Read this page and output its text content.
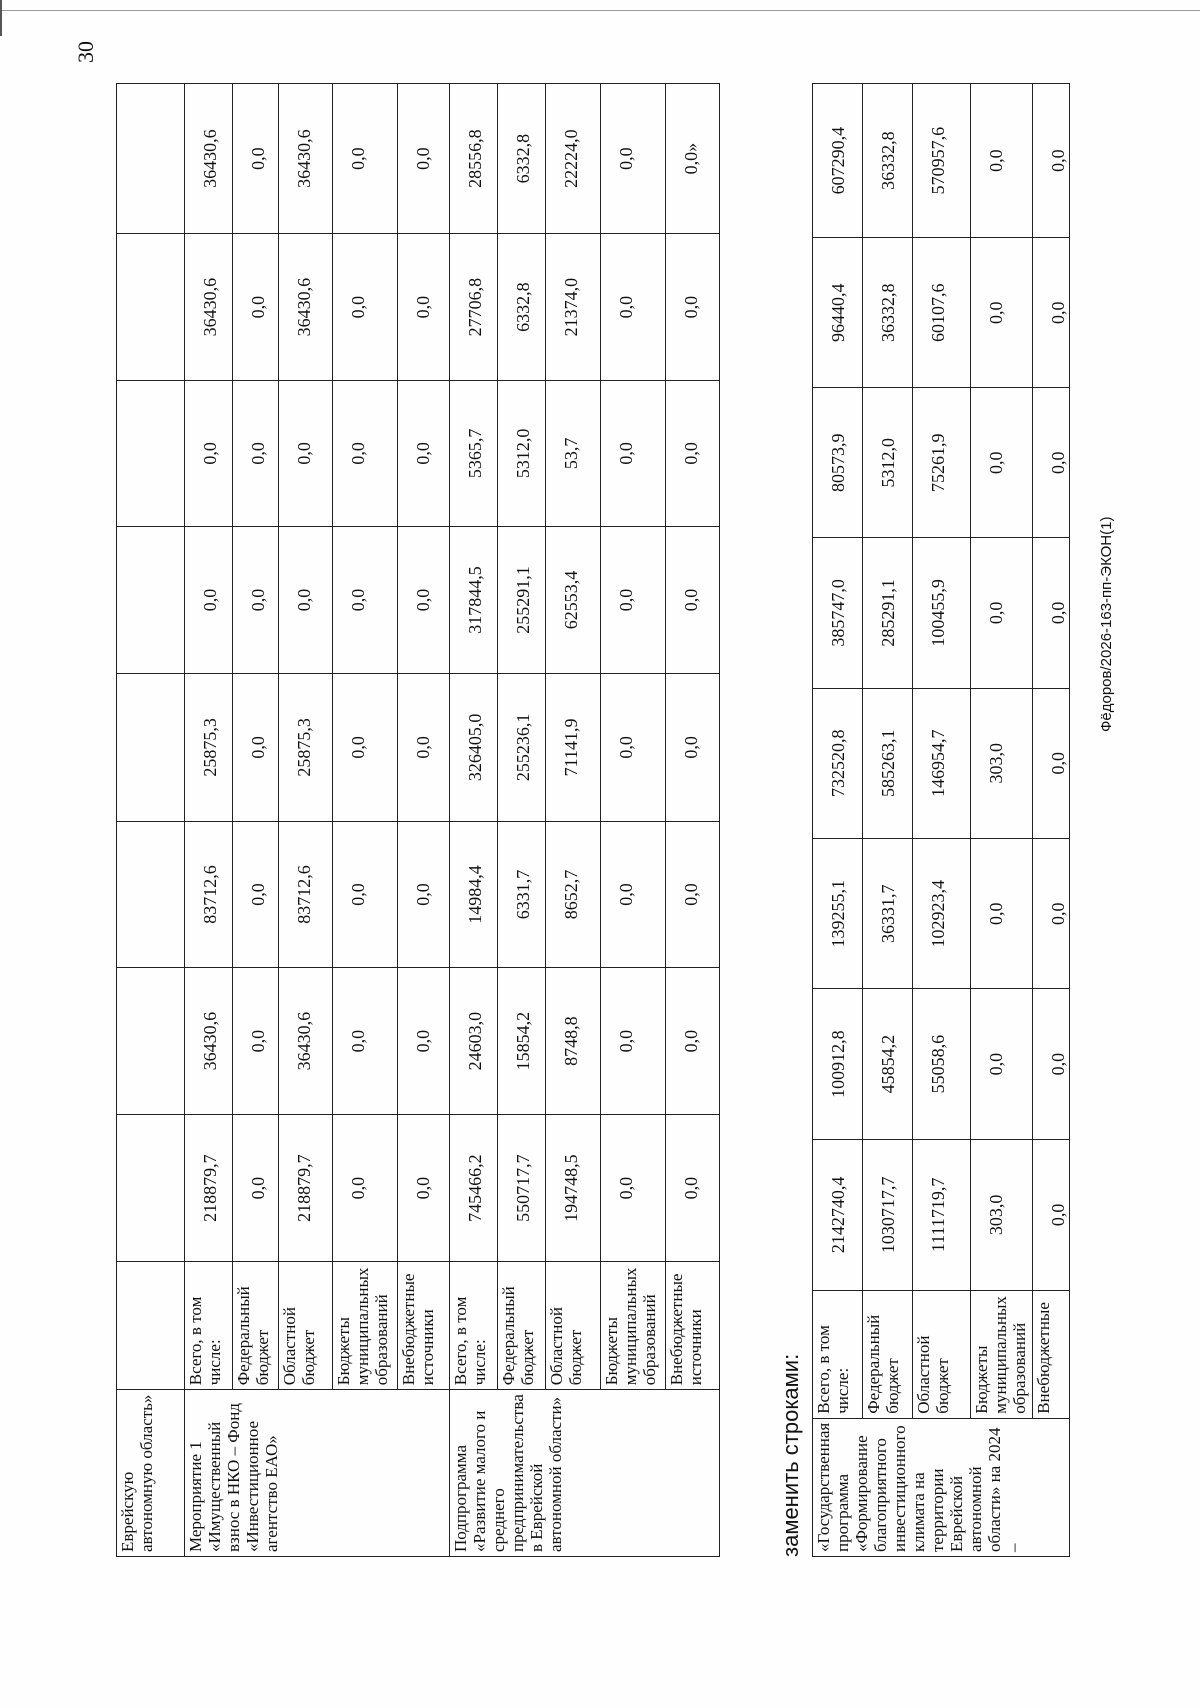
30
Фёдоров/2026-163-пп-ЭКОН(1)
Еврейскую автономную область»									
Мероприятие 1 «Имущественный взнос в НКО – Фонд «Инвестиционное агентство ЕАО»	Всего, в том числе:	218879,7	36430,6	83712,6	25875,3	0,0	0,0	36430,6	36430,6
	Федеральный бюджет	0,0	0,0	0,0	0,0	0,0	0,0	0,0	0,0
	Областной бюджет	218879,7	36430,6	83712,6	25875,3	0,0	0,0	36430,6	36430,6
	Бюджеты муниципальных образований	0,0	0,0	0,0	0,0	0,0	0,0	0,0	0,0
	Внебюджетные источники	0,0	0,0	0,0	0,0	0,0	0,0	0,0	0,0
Подпрограмма «Развитие малого и среднего предпринимательства в Еврейской автономной области»	Всего, в том числе:	745466,2	24603,0	14984,4	326405,0	317844,5	5365,7	27706,8	28556,8
	Федеральный бюджет	550717,7	15854,2	6331,7	255236,1	255291,1	5312,0	6332,8	6332,8
	Областной бюджет	194748,5	8748,8	8652,7	71141,9	62553,4	53,7	21374,0	22224,0
	Бюджеты муниципальных образований	0,0	0,0	0,0	0,0	0,0	0,0	0,0	0,0
	Внебюджетные источники	0,0	0,0	0,0	0,0	0,0	0,0	0,0	0,0»
заменить строками: «Государственная программа «Формирование благоприятного инвестиционного климата на территории Еврейской автономной области» на 2024 –	Всего, в том числе:	2142740,4	100912,8	139255,1	732520,8	385747,0	80573,9	96440,4	607290,4
	Федеральный бюджет	1030717,7	45854,2	36331,7	585263,1	285291,1	5312,0	36332,8	36332,8
	Областной бюджет	1111719,7	55058,6	102923,4	146954,7	100455,9	75261,9	60107,6	570957,6
	Бюджеты муниципальных образований	303,0	0,0	0,0	303,0	0,0	0,0	0,0	0,0
	Внебюджетные	0,0	0,0	0,0	0,0	0,0	0,0	0,0	0,0
